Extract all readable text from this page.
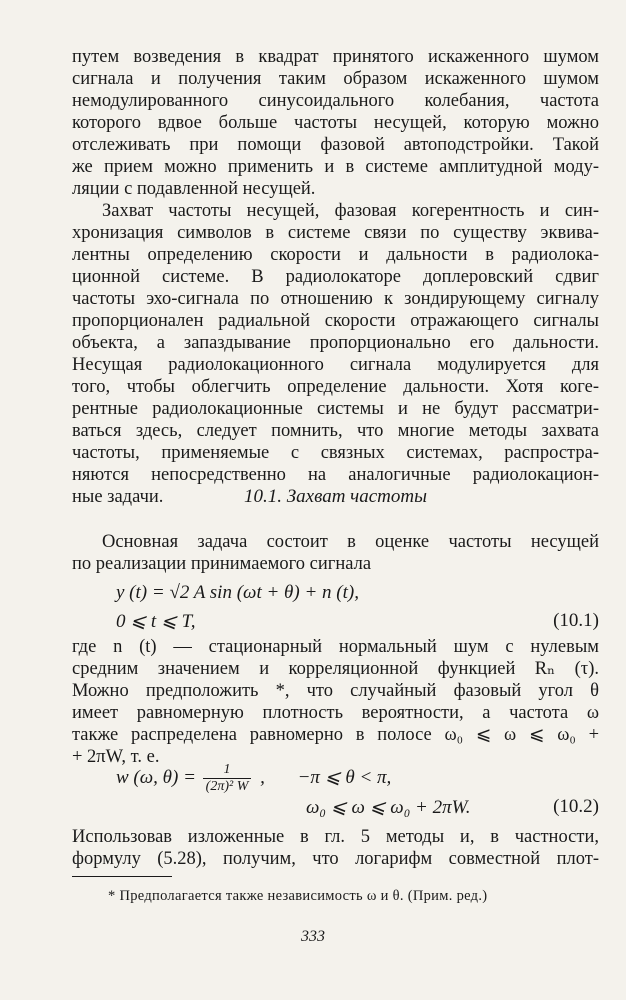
путем возведения в квадрат принятого искаженного шумом
сигнала и получения таким образом искаженного шумом
немодулированного синусоидального колебания, частота
которого вдвое больше частоты несущей, которую можно
отслеживать при помощи фазовой автоподстройки. Такой
же прием можно применить и в системе амплитудной моду-
ляции с подавленной несущей.
Захват частоты несущей, фазовая когерентность и син-
хронизация символов в системе связи по существу эквива-
лентны определению скорости и дальности в радиолока-
ционной системе. В радиолокаторе доплеровский сдвиг
частоты эхо-сигнала по отношению к зондирующему сигналу
пропорционален радиальной скорости отражающего сигналы
объекта, а запаздывание пропорционально его дальности.
Несущая радиолокационного сигнала модулируется для
того, чтобы облегчить определение дальности. Хотя коге-
рентные радиолокационные системы и не будут рассматри-
ваться здесь, следует помнить, что многие методы захвата
частоты, применяемые с связных системах, распростра-
няются непосредственно на аналогичные радиолокацион-
ные задачи.	10.1. Захват частоты
Основная задача состоит в оценке частоты несущей
по реализации принимаемого сигнала
y (t) = √2 A sin (ωt + θ) + n (t),
0 ⩽ t ⩽ T,	(10.1)
где n (t) — стационарный нормальный шум с нулевым
средним значением и корреляционной функцией Rₙ (τ).
Можно предположить *, что случайный фазовый угол θ
имеет равномерную плотность вероятности, а частота ω
также распределена равномерно в полосе ω₀ ⩽ ω ⩽ ω₀ +
+ 2πW, т. е.
w (ω, $\theta) = \frac{1}{\text{(2π)² W}}$ , −π ⩽ θ < π,
ω₀ ⩽ ω ⩽ ω₀ + 2πW.	(10.2)
Использовав изложенные в гл. 5 методы и, в частности,
формулу (5.28), получим, что логарифм совместной плот-
* Предполагается также независимость ω и θ. (Прим. ред.)
333
